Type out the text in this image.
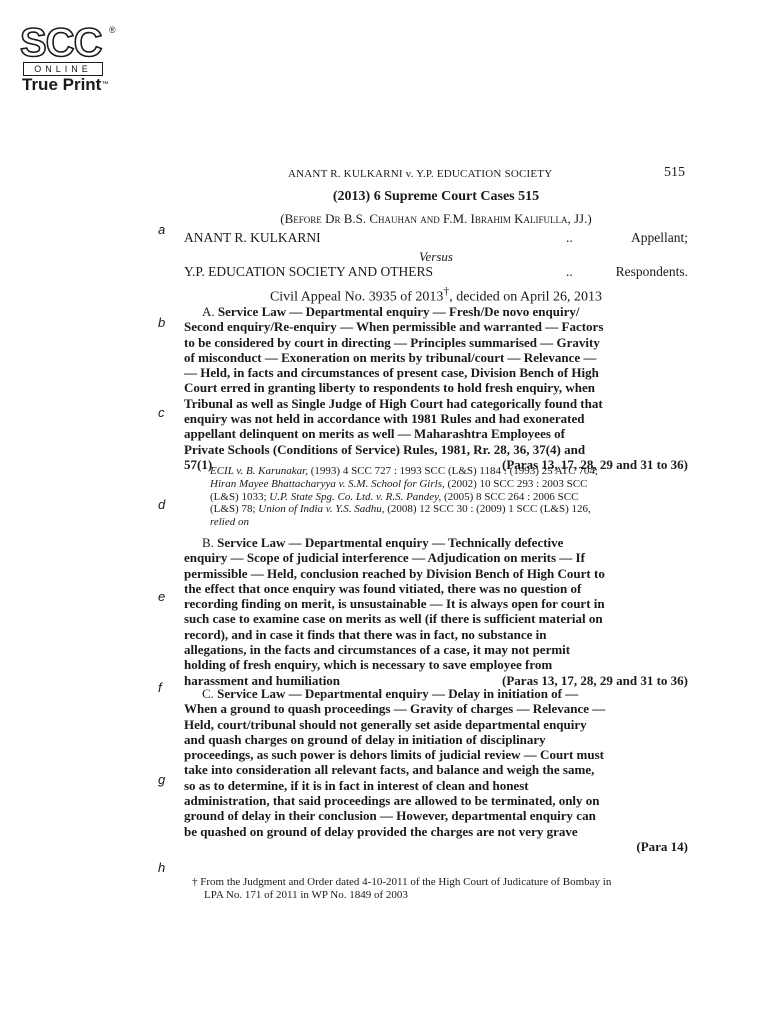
SCC ®
ONLINE
True Print™
a
b
c
d
e
f
g
h
ANANT R. KULKARNI v. Y.P. EDUCATION SOCIETY	515
(2013) 6 Supreme Court Cases 515
(Before Dr B.S. Chauhan and F.M. Ibrahim Kalifulla, JJ.)
ANANT R. KULKARNI	..	Appellant;
Versus
Y.P. EDUCATION SOCIETY AND OTHERS	..	Respondents.
Civil Appeal No. 3935 of 2013†, decided on April 26, 2013
A. Service Law — Departmental enquiry — Fresh/De novo enquiry/
Second enquiry/Re-enquiry — When permissible and warranted — Factors
to be considered by court in directing — Principles summarised — Gravity
of misconduct — Exoneration on merits by tribunal/court — Relevance —
— Held, in facts and circumstances of present case, Division Bench of High
Court erred in granting liberty to respondents to hold fresh enquiry, when
Tribunal as well as Single Judge of High Court had categorically found that
enquiry was not held in accordance with 1981 Rules and had exonerated
appellant delinquent on merits as well — Maharashtra Employees of
Private Schools (Conditions of Service) Rules, 1981, Rr. 28, 36, 37(4) and
57(1)	(Paras 13, 17, 28, 29 and 31 to 36)
ECIL v. B. Karunakar, (1993) 4 SCC 727 : 1993 SCC (L&S) 1184 : (1993) 25 ATC 704;
Hiran Mayee Bhattacharyya v. S.M. School for Girls, (2002) 10 SCC 293 : 2003 SCC
(L&S) 1033; U.P. State Spg. Co. Ltd. v. R.S. Pandey, (2005) 8 SCC 264 : 2006 SCC
(L&S) 78; Union of India v. Y.S. Sadhu, (2008) 12 SCC 30 : (2009) 1 SCC (L&S) 126,
relied on
B. Service Law — Departmental enquiry — Technically defective
enquiry — Scope of judicial interference — Adjudication on merits — If
permissible — Held, conclusion reached by Division Bench of High Court to
the effect that once enquiry was found vitiated, there was no question of
recording finding on merit, is unsustainable — It is always open for court in
such case to examine case on merits as well (if there is sufficient material on
record), and in case it finds that there was in fact, no substance in
allegations, in the facts and circumstances of a case, it may not permit
holding of fresh enquiry, which is necessary to save employee from
harassment and humiliation	(Paras 13, 17, 28, 29 and 31 to 36)
C. Service Law — Departmental enquiry — Delay in initiation of —
When a ground to quash proceedings — Gravity of charges — Relevance —
Held, court/tribunal should not generally set aside departmental enquiry
and quash charges on ground of delay in initiation of disciplinary
proceedings, as such power is dehors limits of judicial review — Court must
take into consideration all relevant facts, and balance and weigh the same,
so as to determine, if it is in fact in interest of clean and honest
administration, that said proceedings are allowed to be terminated, only on
ground of delay in their conclusion — However, departmental enquiry can
be quashed on ground of delay provided the charges are not very grave
(Para 14)
† From the Judgment and Order dated 4-10-2011 of the High Court of Judicature of Bombay in
LPA No. 171 of 2011 in WP No. 1849 of 2003
